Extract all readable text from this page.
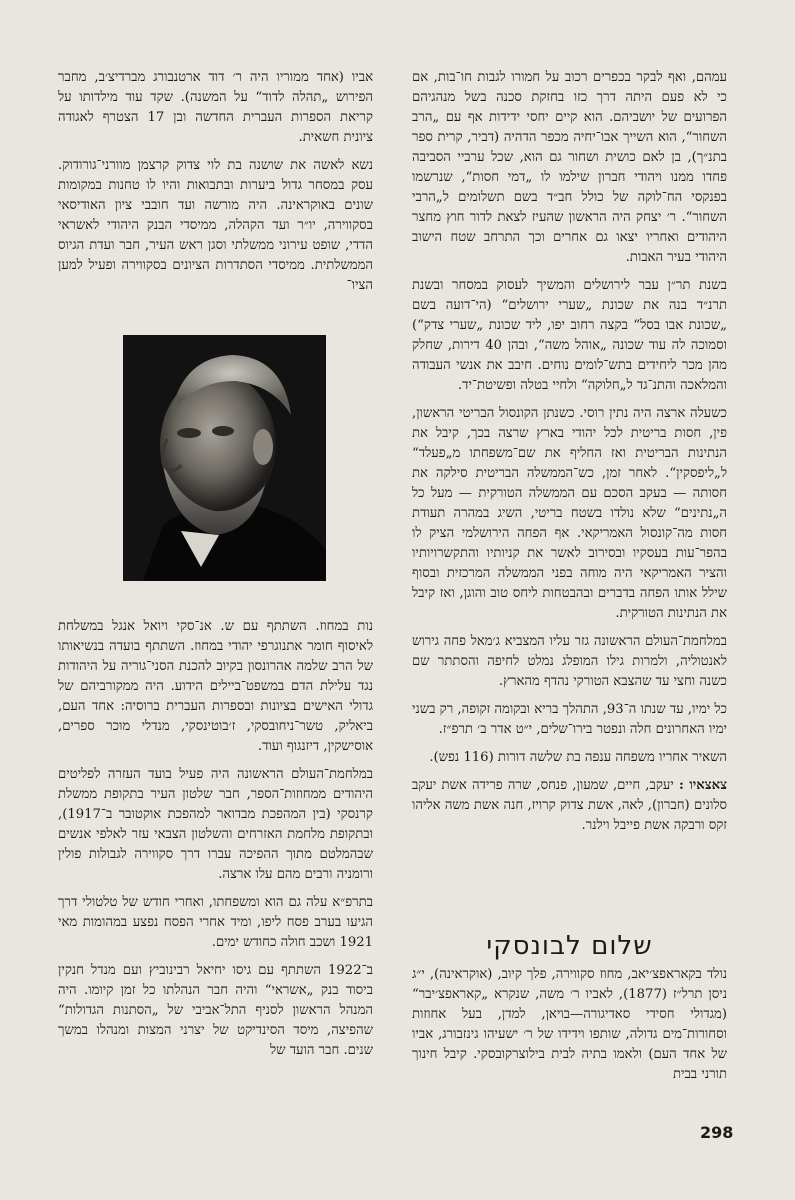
עמהם, ואף לבקר בכפרים רכוב על חמורו לגבות חו־בות, אם כי לא פעם היתה דרך כזו בחזקת סכנה בשל מנהגיהם הפרועים של יושביהם. הוא קיים יחסי ידידות אף עם „הרב השחור“, הוא השייך אבו־יחיה מכפר הדהיה (דביר, קרית ספר בתנ״ך), בן לאם כושית ושחור גם הוא, שכל ערביי הסביבה פחדו ממנו ויהודי חברון שילמו לו „דמי חסות“, שנרשמו בפנקסי הח־לוקה של כולל חב״ד בשם תשלומים ל„הרבי השחור“. ר׳ יצחק היה הראשון שהעיז לצאת לדור חוץ מחצר היהודים ואחריו יצאו גם אחרים וכך התרחב שטח הישוב היהודי בעיר האבות.

בשנת תר״ן עבר לירושלים והמשיך לעסוק במסחר ובשנת תרנ״ד בנה את שכונת „שערי ירושלים“ (הי־דועה בשם „שכונת אבו בסל“ בקצה רחוב יפו, ליד שכונת „שערי צדק“) וסמוכה לה עוד שכונה „אוהל משה“, ובהן 40 דירות, שחלק מהן מכר ליחידים בתש־לומים נוחים. חיבב את אנשי העבודה והמלאכה והתנ־גד ל„חלוקה“ ולחיי בטלה ופשיטת־יד.

כשעלה ארצה היה נתין רוסי. כשנתן הקונסול הבריטי הראשון, פין, חסות בריטית לכל יהודי בארץ שרצה בכך, קיבל את הנתינות הבריטית ואז החליף את שם־משפחתו מ„פעלד“ ל„ליפסקין“. לאחר זמן, כש־הממשלה הבריטית סילקה את חסותה — בעקב הסכם עם הממשלה הטורקית — מעל כל ה„נתינים“ שלא נולדו בשטח בריטי, השיג במהרה תעודת חסות מה־קונסול האמריקאי. אף הפחה הירושלמי הציק לו בהפר־עות בעסקיו ובסירוב לאשר את קניותיו והתקשרויותיו והציר האמריקאי היה מוחה בפני הממשלה המרכזית ובסוף שילל אותו הפחה בדברים ובהבטחות ליחס טוב והוגן, ואז קיבל את הנתינות הטורקית.

במלחמת־העולם הראשונה גזר עליו המצביא ג׳מאל פחה גירוש לאנטוליה, ולמרות גילו המופלג נמלט לחיפה והסתתר שם כשנה וחצי עד שהצבא הטורקי נהדף מהארץ.

כל ימיו, עד שנתו ה־93, התהלך בריא ובקומה זקופה, רק בשני ימיו האחרונים חלה ונפטר בירו־שלים, י״ט אדר ב׳ תרפ״ז.

השאיר אחריו משפחה ענפה בת שלשה דורות (116 נפש).

צאצאיו : יעקב, חיים, שמעון, פנחס, שרה פרידה אשת יעקב סלונים (חברון), לאה, אשת צדוק קרויז, חנה אשת משה אליהו זקס ורבקה אשת פייבל וילנר.

שלום לבונסקי

נולד בקאראפצ׳יאב, מחוז סקווירה, פלך קיוב, (אוקראינה), י״ג ניסן תרל״ז (1877), לאביו ר׳ משה, שנקרא „קאראפצ׳יבר“ (מגדולי חסידי סאדיגורה—בויאן, למדן, בעל אחוזות וסחורות־מים גדולה, שותפו וידידו של ר׳ ישעיהו גינזבורג, אביו של אחד העם) ולאמו בתיה לבית בילוצרקובסקי. קיבל חינוך תורני בבית

אביו (אחד ממוריו היה ר׳ דוד ארטנבורג מברדיצ׳ב, מחבר הפירוש „תהלה לדוד“ על המשנה). שקד עוד מילדותו על קריאת הספרות העברית החדשה ובן 17 הצטרף לאגודה ציונית חשאית.

נשא לאשה את שושנה בת לוי צדוק קרצמן מוורני־גורודוק. עסק במסחר גדול ביערות ובתבואות והיו לו טחנות במקומות שונים באוקראינה. היה מורשה ועד חובבי ציון האודיסאי בסקווירה, יו״ר ועד הקהלה, ממיסדי הבנק היהודי לאשראי הדדי, שופט עירוני ממשלתי וסגן ראש העיר, חבר ועדת הגיוס הממשלתית. ממיסדי הסתדרות הציונים בסקווירה ופעיל למען הציו־

נות במחוז. השתתף עם ש. אנ־סקי ויואל אנגל במשלחת לאיסוף חומר אתנוגרפי יהודי במחוז. השתתף בועדה בנשיאותו של הרב שלמה אהרונסון בקיוב להכנת הסני־גוריה על היהודות נגד עלילת הדם במשפט־ביילים הידוע. היה ממקורביהם של גדולי האישים בציונות ובספרות העברית ברוסיה: אחד העם, ביאליק, טשר־ניחובסקי, ז׳בוטינסקי, מנדלי מוכר ספרים, אוסישקין, דיזנגוף ועוד.

במלחמת־העולם הראשונה היה פעיל בועד העזרה לפליטים היהודים ממחוזות־הספר, חבר שלטון העיר בתקופת ממשלת קרנסקי (בין המהפכת מבדואר למהפכת אוקטובר ב־1917), ובתקופת מלחמת האזרחים והשלטון הצבאי עזר לאלפי אנשים שבהמלטם מתוך ההפיכה עברו דרך סקווירה לגבולות פולין ורומניה ורבים מהם עלו ארצה.

בתרפ״א עלה גם הוא ומשפחתו, ואחרי חודש של טלטולי דרך הגיעו בערב פסח ליפו, ומיד אחרי הפסח נפצע במהומות מאי 1921 ושכב חולה כחודש ימים.

ב־1922 השתתף עם גיסו יחיאל רבינוביץ ועם מנדל חנקין ביסוד בנק „אשראי“ והיה חבר הנהלתו כל זמן קיומו. היה המנהל הראשון לסניף התל־אביבי של „הסתנות הגדולות“ שהפיצה, מיסד הסינדיקט של יצרני המצות ומנהלו במשך שנים. חבר הועד של

298
